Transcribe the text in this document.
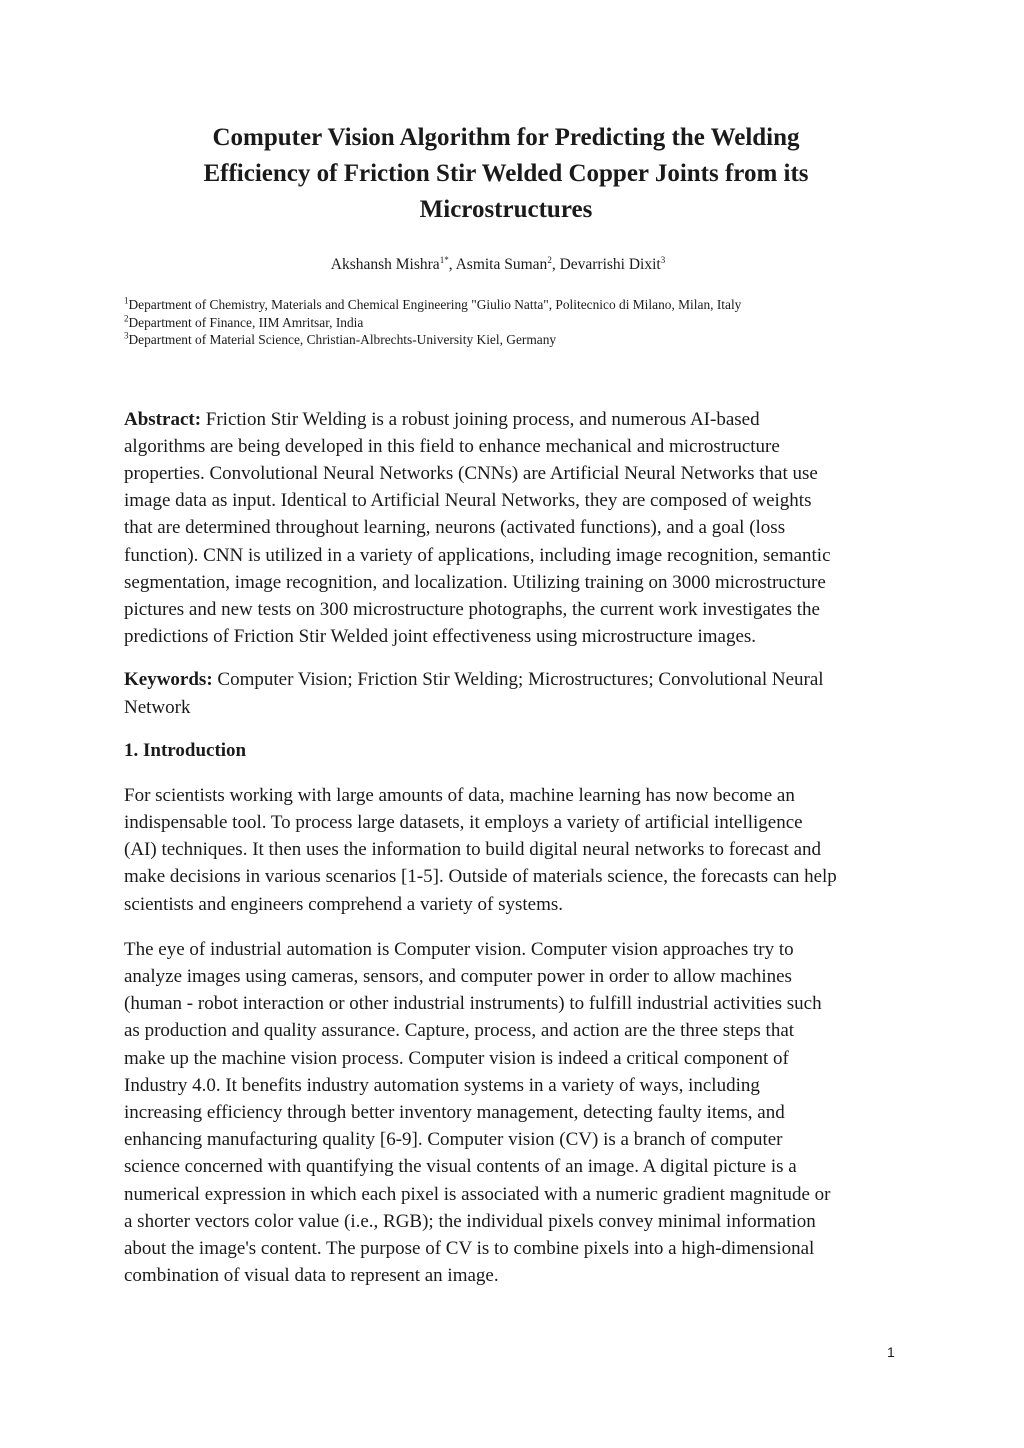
Computer Vision Algorithm for Predicting the Welding
Efficiency of Friction Stir Welded Copper Joints from its
Microstructures
Akshansh Mishra$^{1*}$, Asmita Suman$^2$, Devarrishi Dixit$^3$
$^1$Department of Chemistry, Materials and Chemical Engineering "Giulio Natta", Politecnico di Milano, Milan, Italy
$^2$Department of Finance, IIM Amritsar, India
$^3$Department of Material Science, Christian-Albrechts-University Kiel, Germany
Abstract: Friction Stir Welding is a robust joining process, and numerous AI-based
algorithms are being developed in this field to enhance mechanical and microstructure
properties. Convolutional Neural Networks (CNNs) are Artificial Neural Networks that use
image data as input. Identical to Artificial Neural Networks, they are composed of weights
that are determined throughout learning, neurons (activated functions), and a goal (loss
function). CNN is utilized in a variety of applications, including image recognition, semantic
segmentation, image recognition, and localization. Utilizing training on 3000 microstructure
pictures and new tests on 300 microstructure photographs, the current work investigates the
predictions of Friction Stir Welded joint effectiveness using microstructure images.
Keywords: Computer Vision; Friction Stir Welding; Microstructures; Convolutional Neural
Network
1. Introduction
For scientists working with large amounts of data, machine learning has now become an
indispensable tool. To process large datasets, it employs a variety of artificial intelligence
(AI) techniques. It then uses the information to build digital neural networks to forecast and
make decisions in various scenarios [1-5]. Outside of materials science, the forecasts can help
scientists and engineers comprehend a variety of systems.
The eye of industrial automation is Computer vision. Computer vision approaches try to
analyze images using cameras, sensors, and computer power in order to allow machines
(human - robot interaction or other industrial instruments) to fulfill industrial activities such
as production and quality assurance. Capture, process, and action are the three steps that
make up the machine vision process. Computer vision is indeed a critical component of
Industry 4.0. It benefits industry automation systems in a variety of ways, including
increasing efficiency through better inventory management, detecting faulty items, and
enhancing manufacturing quality [6-9]. Computer vision (CV) is a branch of computer
science concerned with quantifying the visual contents of an image. A digital picture is a
numerical expression in which each pixel is associated with a numeric gradient magnitude or
a shorter vectors color value (i.e., RGB); the individual pixels convey minimal information
about the image's content. The purpose of CV is to combine pixels into a high-dimensional
combination of visual data to represent an image.
1
